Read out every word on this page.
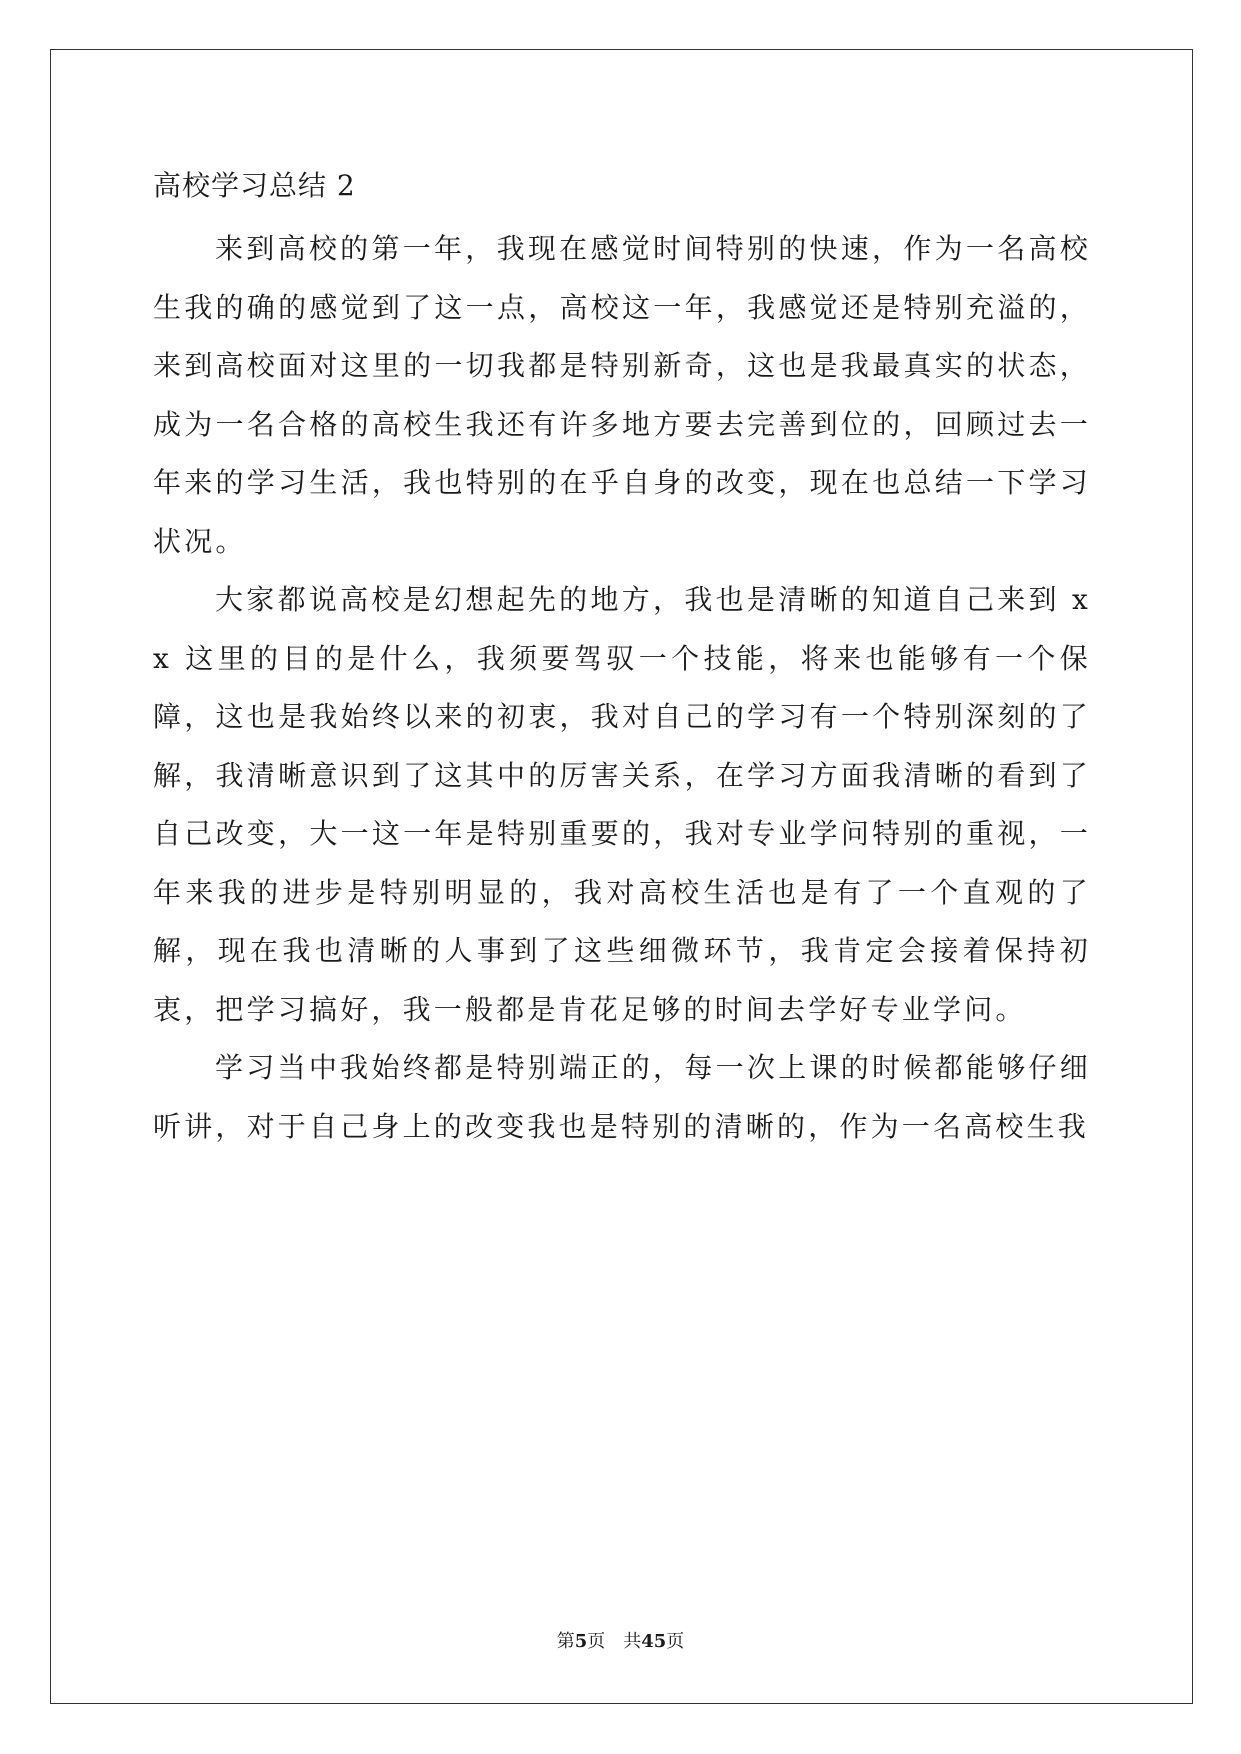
高校学习总结 2

来到高校的第一年，我现在感觉时间特别的快速，作为一名高校生我的确的感觉到了这一点，高校这一年，我感觉还是特别充溢的，来到高校面对这里的一切我都是特别新奇，这也是我最真实的状态，成为一名合格的高校生我还有许多地方要去完善到位的，回顾过去一年来的学习生活，我也特别的在乎自身的改变，现在也总结一下学习状况。

大家都说高校是幻想起先的地方，我也是清晰的知道自己来到 xx 这里的目的是什么，我须要驾驭一个技能，将来也能够有一个保障，这也是我始终以来的初衷，我对自己的学习有一个特别深刻的了解，我清晰意识到了这其中的厉害关系，在学习方面我清晰的看到了自己改变，大一这一年是特别重要的，我对专业学问特别的重视，一年来我的进步是特别明显的，我对高校生活也是有了一个直观的了解，现在我也清晰的人事到了这些细微环节，我肯定会接着保持初衷，把学习搞好，我一般都是肯花足够的时间去学好专业学问。

学习当中我始终都是特别端正的，每一次上课的时候都能够仔细听讲，对于自己身上的改变我也是特别的清晰的，作为一名高校生我

第5页　共45页
